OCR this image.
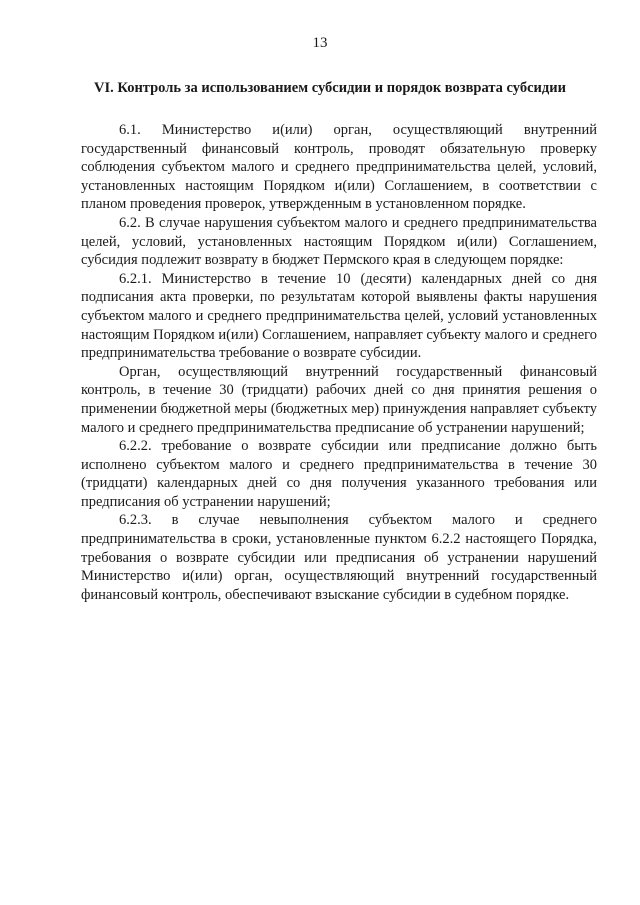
13
VI. Контроль за использованием субсидии и порядок возврата субсидии

6.1. Министерство и(или) орган, осуществляющий внутренний государственный финансовый контроль, проводят обязательную проверку соблюдения субъектом малого и среднего предпринимательства целей, условий, установленных настоящим Порядком и(или) Соглашением, в соответствии с планом проведения проверок, утвержденным в установленном порядке.

6.2. В случае нарушения субъектом малого и среднего предпринимательства целей, условий, установленных настоящим Порядком и(или) Соглашением, субсидия подлежит возврату в бюджет Пермского края в следующем порядке:

6.2.1. Министерство в течение 10 (десяти) календарных дней со дня подписания акта проверки, по результатам которой выявлены факты нарушения субъектом малого и среднего предпринимательства целей, условий установленных настоящим Порядком и(или) Соглашением, направляет субъекту малого и среднего предпринимательства требование о возврате субсидии.

Орган, осуществляющий внутренний государственный финансовый контроль, в течение 30 (тридцати) рабочих дней со дня принятия решения о применении бюджетной меры (бюджетных мер) принуждения направляет субъекту малого и среднего предпринимательства предписание об устранении нарушений;

6.2.2. требование о возврате субсидии или предписание должно быть исполнено субъектом малого и среднего предпринимательства в течение 30 (тридцати) календарных дней со дня получения указанного требования или предписания об устранении нарушений;

6.2.3. в случае невыполнения субъектом малого и среднего предпринимательства в сроки, установленные пунктом 6.2.2 настоящего Порядка, требования о возврате субсидии или предписания об устранении нарушений Министерство и(или) орган, осуществляющий внутренний государственный финансовый контроль, обеспечивают взыскание субсидии в судебном порядке.
